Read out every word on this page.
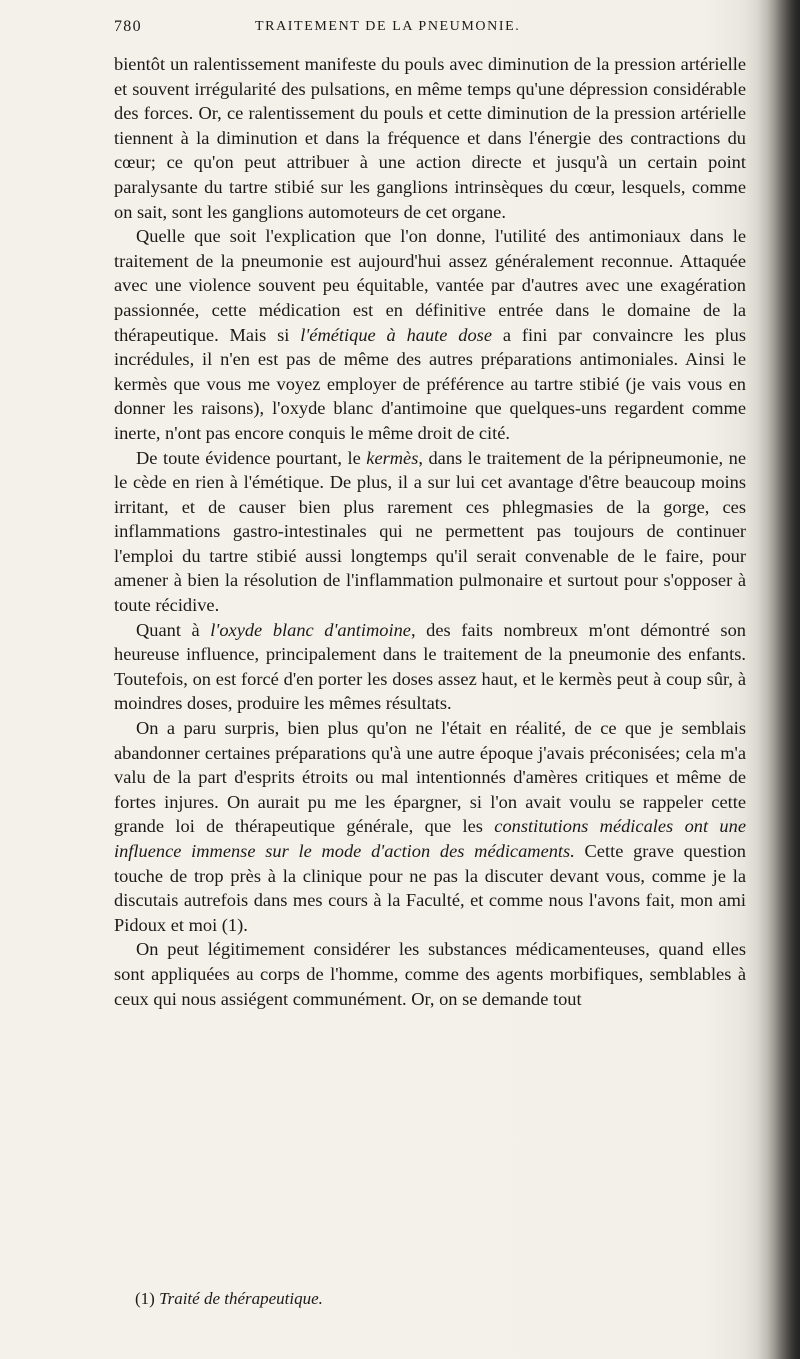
780	TRAITEMENT DE LA PNEUMONIE.

bientôt un ralentissement manifeste du pouls avec diminution de la pression artérielle et souvent irrégularité des pulsations, en même temps qu'une dépression considérable des forces. Or, ce ralentissement du pouls et cette diminution de la pression artérielle tiennent à la diminution et dans la fréquence et dans l'énergie des contractions du cœur; ce qu'on peut attribuer à une action directe et jusqu'à un certain point paralysante du tartre stibié sur les ganglions intrinsèques du cœur, lesquels, comme on sait, sont les ganglions automoteurs de cet organe.

Quelle que soit l'explication que l'on donne, l'utilité des antimoniaux dans le traitement de la pneumonie est aujourd'hui assez généralement reconnue. Attaquée avec une violence souvent peu équitable, vantée par d'autres avec une exagération passionnée, cette médication est en définitive entrée dans le domaine de la thérapeutique. Mais si l'émétique à haute dose a fini par convaincre les plus incrédules, il n'en est pas de même des autres préparations antimoniales. Ainsi le kermès que vous me voyez employer de préférence au tartre stibié (je vais vous en donner les raisons), l'oxyde blanc d'antimoine que quelques-uns regardent comme inerte, n'ont pas encore conquis le même droit de cité.

De toute évidence pourtant, le kermès, dans le traitement de la péripneumonie, ne le cède en rien à l'émétique. De plus, il a sur lui cet avantage d'être beaucoup moins irritant, et de causer bien plus rarement ces phlegmasies de la gorge, ces inflammations gastro-intestinales qui ne permettent pas toujours de continuer l'emploi du tartre stibié aussi longtemps qu'il serait convenable de le faire, pour amener à bien la résolution de l'inflammation pulmonaire et surtout pour s'opposer à toute récidive.

Quant à l'oxyde blanc d'antimoine, des faits nombreux m'ont démontré son heureuse influence, principalement dans le traitement de la pneumonie des enfants. Toutefois, on est forcé d'en porter les doses assez haut, et le kermès peut à coup sûr, à moindres doses, produire les mêmes résultats.

On a paru surpris, bien plus qu'on ne l'était en réalité, de ce que je semblais abandonner certaines préparations qu'à une autre époque j'avais préconisées; cela m'a valu de la part d'esprits étroits ou mal intentionnés d'amères critiques et même de fortes injures. On aurait pu me les épargner, si l'on avait voulu se rappeler cette grande loi de thérapeutique générale, que les constitutions médicales ont une influence immense sur le mode d'action des médicaments. Cette grave question touche de trop près à la clinique pour ne pas la discuter devant vous, comme je la discutais autrefois dans mes cours à la Faculté, et comme nous l'avons fait, mon ami Pidoux et moi (1).

On peut légitimement considérer les substances médicamenteuses, quand elles sont appliquées au corps de l'homme, comme des agents morbifiques, semblables à ceux qui nous assiégent communément. Or, on se demande tout

(1) Traité de thérapeutique.
